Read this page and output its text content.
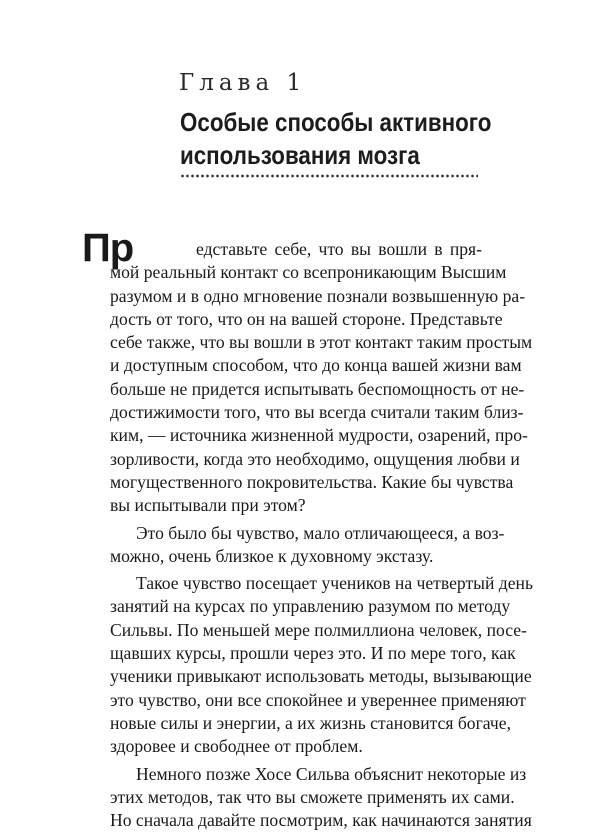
Глава 1
Особые способы активного
использования мозга
Пр	едставьте себе, что вы вошли в пря-
мой реальный контакт со всепроникающим Высшим
разумом и в одно мгновение познали возвышенную ра-
дость от того, что он на вашей стороне. Представьте
себе также, что вы вошли в этот контакт таким простым
и доступным способом, что до конца вашей жизни вам
больше не придется испытывать беспомощность от не-
достижимости того, что вы всегда считали таким близ-
ким, — источника жизненной мудрости, озарений, про-
зорливости, когда это необходимо, ощущения любви и
могущественного покровительства. Какие бы чувства
вы испытывали при этом?
Это было бы чувство, мало отличающееся, а воз-
можно, очень близкое к духовному экстазу.
Такое чувство посещает учеников на четвертый день
занятий на курсах по управлению разумом по методу
Сильвы. По меньшей мере полмиллиона человек, посе-
щавших курсы, прошли через это. И по мере того, как
ученики привыкают использовать методы, вызывающие
это чувство, они все спокойнее и увереннее применяют
новые силы и энергии, а их жизнь становится богаче,
здоровее и свободнее от проблем.
Немного позже Хосе Сильва объяснит некоторые из
этих методов, так что вы сможете применять их сами.
Но сначала давайте посмотрим, как начинаются занятия
